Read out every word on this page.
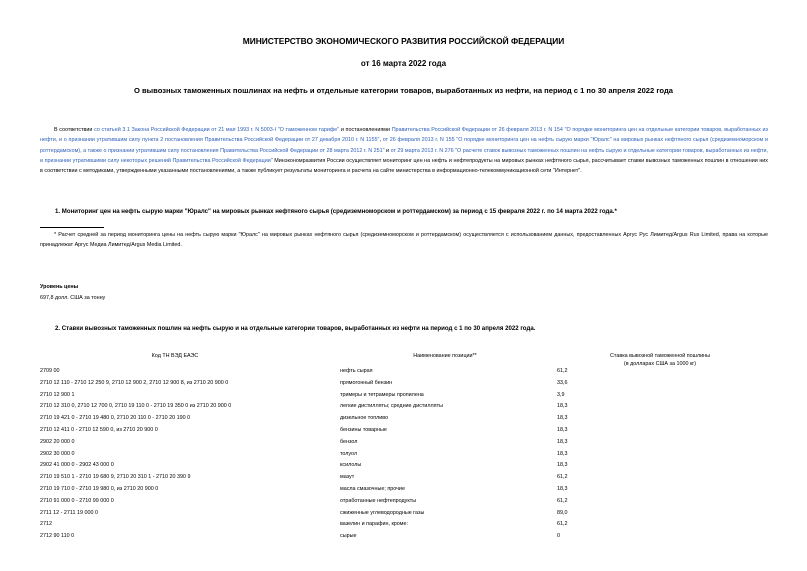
МИНИСТЕРСТВО ЭКОНОМИЧЕСКОГО РАЗВИТИЯ РОССИЙСКОЙ ФЕДЕРАЦИИ
от 16 марта 2022 года
О вывозных таможенных пошлинах на нефть и отдельные категории товаров, выработанных из нефти, на период с 1 по 30 апреля 2022 года
В соответствии со статьей 3.1 Закона Российской Федерации от 21 мая 1993 г. N 5003-I "О таможенном тарифе" и постановлениями Правительства Российской Федерации от 26 февраля 2013 г. N 154 "О порядке мониторинга цен на отдельные категории товаров, выработанных из нефти, и о признании утратившим силу пункта 2 постановления Правительства Российской Федерации от 27 декабря 2010 г. N 1155", от 26 февраля 2013 г. N 155 "О порядке мониторинга цен на нефть сырую марки "Юралс" на мировых рынках нефтяного сырья (средиземноморском и роттердамском), а также о признании утратившим силу постановления Правительства Российской Федерации от 28 марта 2012 г. N 251" и от 29 марта 2013 г. N 276 "О расчете ставок вывозных таможенных пошлин на нефть сырую и отдельные категории товаров, выработанных из нефти, и признании утратившими силу некоторых решений Правительства Российской Федерации" Минэкономразвития России осуществляет мониторинг цен на нефть и нефтепродукты на мировых рынках нефтяного сырья, рассчитывает ставки вывозных таможенных пошлин в отношении них в соответствии с методиками, утвержденными указанными постановлениями, а также публикует результаты мониторинга и расчета на сайте министерства в информационно-телекоммуникационной сети "Интернет".
1. Мониторинг цен на нефть сырую марки "Юралс" на мировых рынках нефтяного сырья (средиземноморском и роттердамском) за период с 15 февраля 2022 г. по 14 марта 2022 года.*
* Расчет средней за период мониторинга цены на нефть сырую марки "Юралс" на мировых рынках нефтяного сырья (средиземноморском и роттердамском) осуществляется с использованием данных, предоставленных Аргус Рус Лимитед/Argus Rus Limited, права на которые принадлежат Аргус Медиа Лимитед/Argus Media Limited.
Уровень цены
697,8 долл. США за тонну
2. Ставки вывозных таможенных пошлин на нефть сырую и на отдельные категории товаров, выработанных из нефти на период с 1 по 30 апреля 2022 года.
Код ТН ВЭД ЕАЭС	Наименование позиции**	Ставка вывозной таможенной пошлины
(в долларах США за 1000 кг)
2709 00	нефть сырая	61,2
2710 12 110 - 2710 12 250 9, 2710 12 900 2, 2710 12 900 8, из 2710 20 900 0	прямогонный бензин	33,6
2710 12 900 1	тримеры и тетрамеры пропилена	3,9
2710 12 310 0, 2710 12 700 0, 2710 19 110 0 - 2710 19 350 0 из 2710 20 900 0	легкие дистилляты; средние дистилляты	18,3
2710 19 421 0 - 2710 19 480 0, 2710 20 110 0 - 2710 20 190 0	дизельное топливо	18,3
2710 12 411 0 - 2710 12 590 0, из 2710 20 900 0	бензины товарные	18,3
2902 20 000 0	бензол	18,3
2902 30 000 0	толуол	18,3
2902 41 000 0 - 2902 43 000 0	ксилолы	18,3
2710 19 510 1 - 2710 19 680 9, 2710 20 310 1 - 2710 20 390 9	мазут	61,2
2710 19 710 0 - 2710 19 980 0, из 2710 20 900 0	масла смазочные; прочие	18,3
2710 91 000 0 - 2710 99 000 0	отработанные нефтепродукты	61,2
2711 12 - 2711 19 000 0	сжиженные углеводородные газы	89,0
2712	вазелин и парафин, кроме:	61,2
2712 90 110 0	сырые	0
